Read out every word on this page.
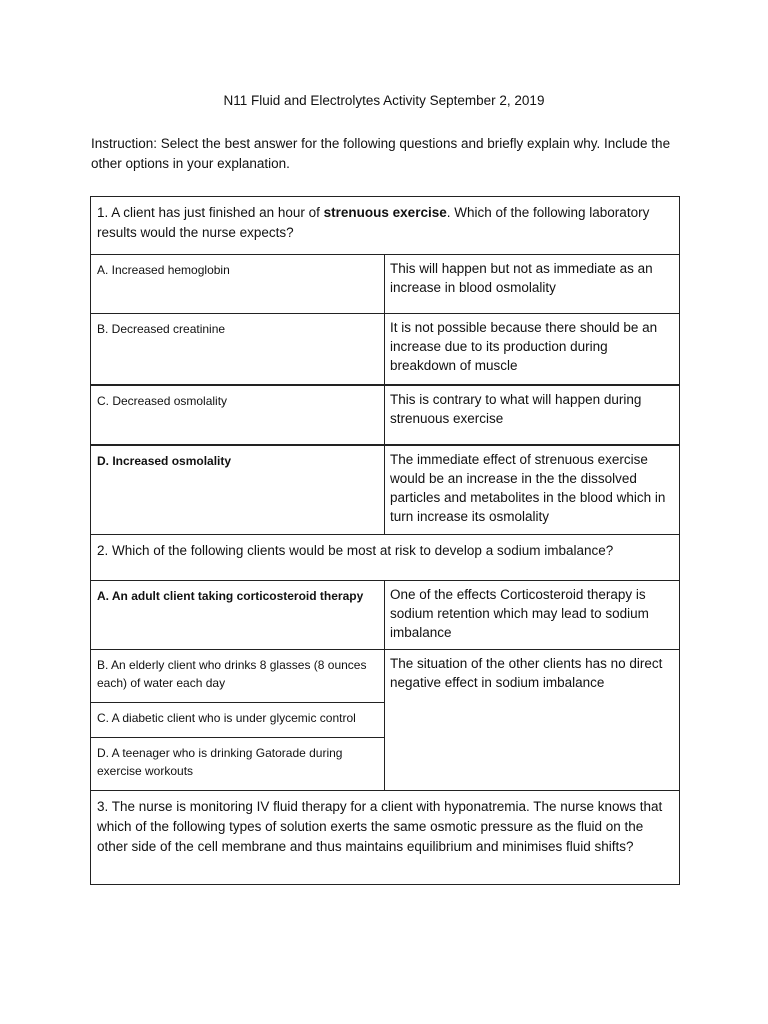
N11 Fluid and Electrolytes Activity September 2, 2019
Instruction: Select the best answer for the following questions and briefly explain why. Include the other options in your explanation.
1. A client has just finished an hour of strenuous exercise. Which of the following laboratory results would the nurse expects?	
A. Increased hemoglobin	This will happen but not as immediate as an increase in blood osmolality
B. Decreased creatinine	It is not possible because there should be an increase due to its production during breakdown of muscle
C. Decreased osmolality	This is contrary to what will happen during strenuous exercise
D. Increased osmolality	The immediate effect of strenuous exercise would be an increase in the the dissolved particles and metabolites in the blood which in turn increase its osmolality
2. Which of the following clients would be most at risk to develop a sodium imbalance?	
A. An adult client taking corticosteroid therapy	One of the effects Corticosteroid therapy is sodium retention which may lead to sodium imbalance
B. An elderly client who drinks 8 glasses (8 ounces each) of water each day	The situation of the other clients has no direct negative effect in sodium imbalance
C. A diabetic client who is under glycemic control	
D. A teenager who is drinking Gatorade during exercise workouts	
3. The nurse is monitoring IV fluid therapy for a client with hyponatremia. The nurse knows that which of the following types of solution exerts the same osmotic pressure as the fluid on the other side of the cell membrane and thus maintains equilibrium and minimises fluid shifts?	
